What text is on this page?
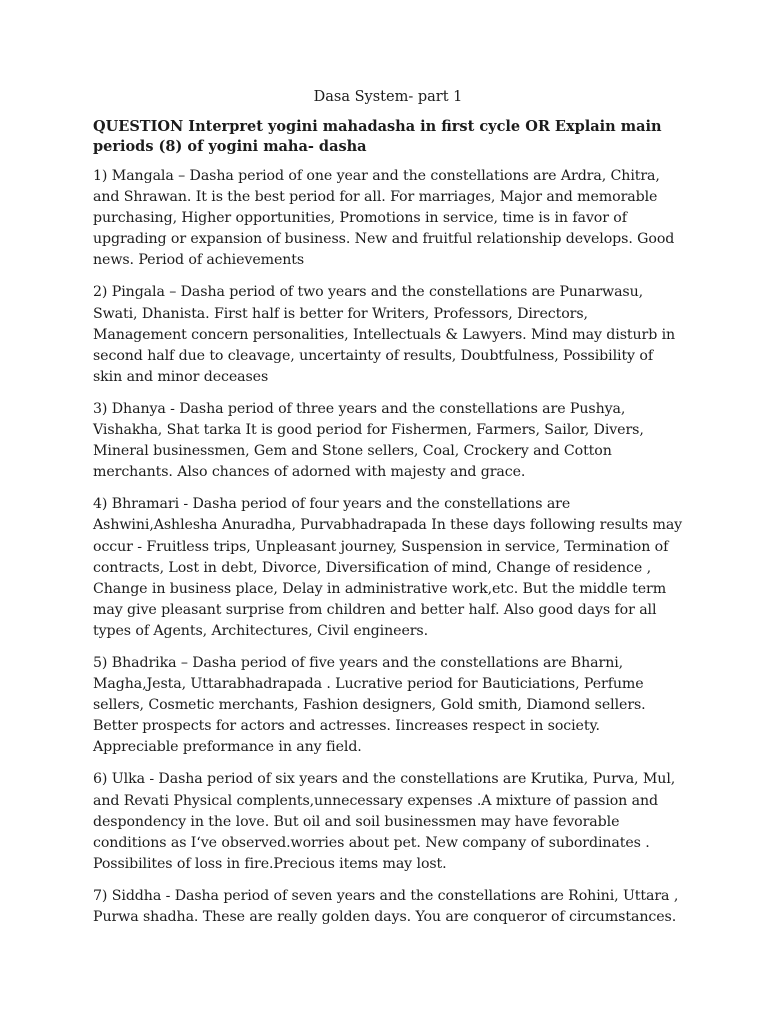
Dasa System- part 1
QUESTION Interpret yogini mahadasha in first cycle OR Explain main periods (8) of yogini maha- dasha

1) Mangala – Dasha period of one year and the constellations are Ardra, Chitra, and Shrawan. It is the best period for all. For marriages, Major and memorable purchasing, Higher opportunities, Promotions in service, time is in favor of upgrading or expansion of business. New and fruitful relationship develops. Good news. Period of achievements

2) Pingala – Dasha period of two years and the constellations are Punarwasu, Swati, Dhanista. First half is better for Writers, Professors, Directors, Management concern personalities, Intellectuals & Lawyers. Mind may disturb in second half due to cleavage, uncertainty of results, Doubtfulness, Possibility of skin and minor deceases

3) Dhanya - Dasha period of three years and the constellations are Pushya, Vishakha, Shat tarka It is good period for Fishermen, Farmers, Sailor, Divers, Mineral businessmen, Gem and Stone sellers, Coal, Crockery and Cotton merchants. Also chances of adorned with majesty and grace.

4) Bhramari - Dasha period of four years and the constellations are Ashwini,Ashlesha Anuradha, Purvabhadrapada In these days following results may occur - Fruitless trips, Unpleasant journey, Suspension in service, Termination of contracts, Lost in debt, Divorce, Diversification of mind, Change of residence , Change in business place, Delay in administrative work,etc. But the middle term may give pleasant surprise from children and better half. Also good days for all types of Agents, Architectures, Civil engineers.

5) Bhadrika – Dasha period of five years and the constellations are Bharni, Magha,Jesta, Uttarabhadrapada . Lucrative period for Bauticiations, Perfume sellers, Cosmetic merchants, Fashion designers, Gold smith, Diamond sellers. Better prospects for actors and actresses. Iincreases respect in society. Appreciable preformance in any field.

6) Ulka - Dasha period of six years and the constellations are Krutika, Purva, Mul, and Revati Physical complents,unnecessary expenses .A mixture of passion and despondency in the love. But oil and soil businessmen may have fevorable conditions as I‘ve observed.worries about pet. New company of subordinates . Possibilites of loss in fire.Precious items may lost.

7) Siddha - Dasha period of seven years and the constellations are Rohini, Uttara , Purwa shadha. These are really golden days. You are conqueror of circumstances.
